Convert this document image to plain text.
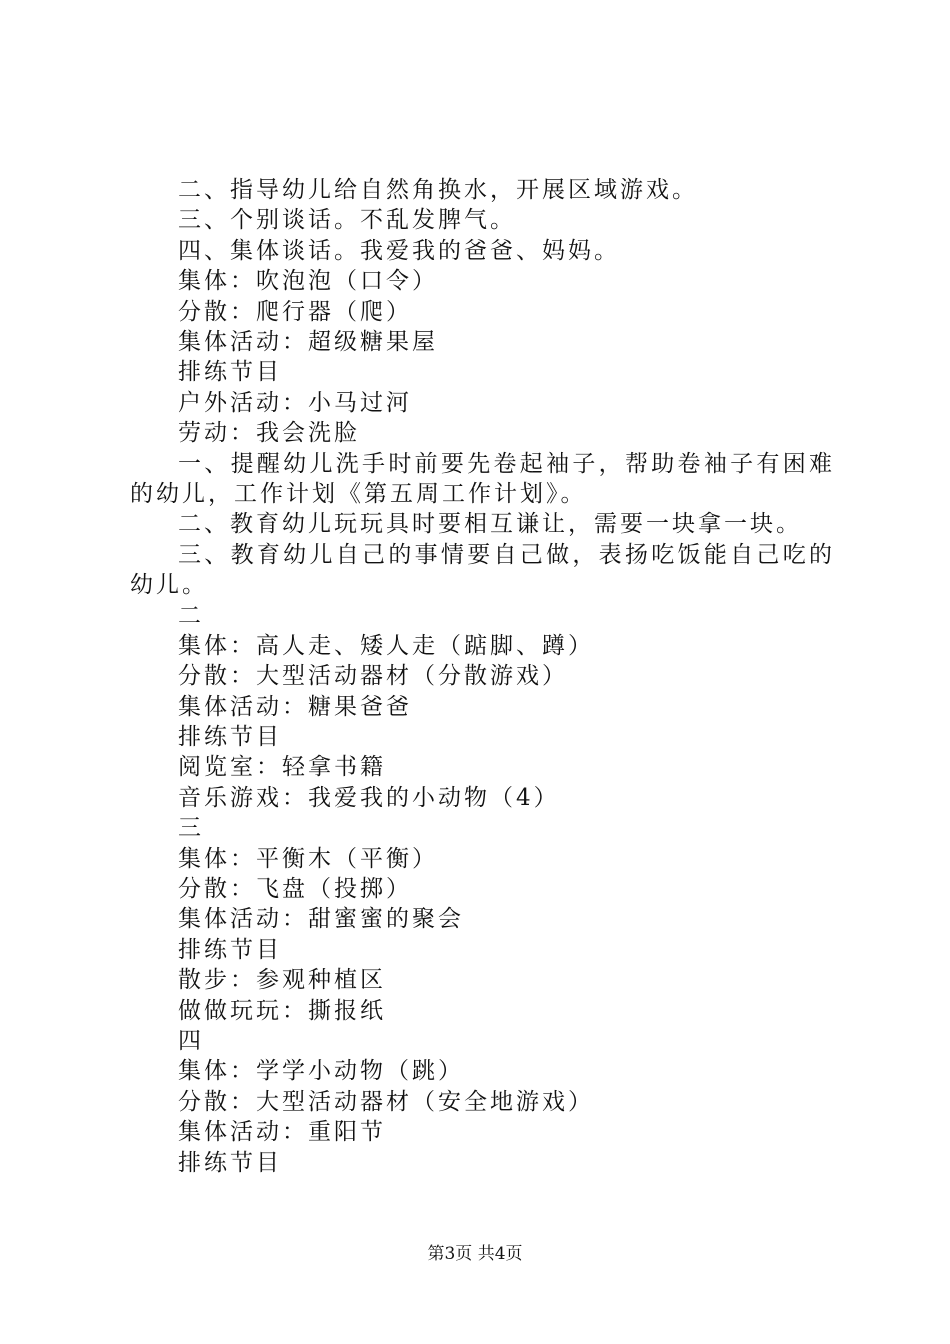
二、指导幼儿给自然角换水，开展区域游戏。
三、个别谈话。不乱发脾气。
四、集体谈话。我爱我的爸爸、妈妈。
集体：吹泡泡（口令）
分散：爬行器（爬）
集体活动：超级糖果屋
排练节目
户外活动：小马过河
劳动：我会洗脸
一、提醒幼儿洗手时前要先卷起袖子，帮助卷袖子有困难的幼儿，工作计划《第五周工作计划》。
二、教育幼儿玩玩具时要相互谦让，需要一块拿一块。
三、教育幼儿自己的事情要自己做，表扬吃饭能自己吃的幼儿。
二
集体：高人走、矮人走（踮脚、蹲）
分散：大型活动器材（分散游戏）
集体活动：糖果爸爸
排练节目
阅览室：轻拿书籍
音乐游戏：我爱我的小动物（4）
三
集体：平衡木（平衡）
分散：飞盘（投掷）
集体活动：甜蜜蜜的聚会
排练节目
散步：参观种植区
做做玩玩：撕报纸
四
集体：学学小动物（跳）
分散：大型活动器材（安全地游戏）
集体活动：重阳节
排练节目
第3页 共4页
